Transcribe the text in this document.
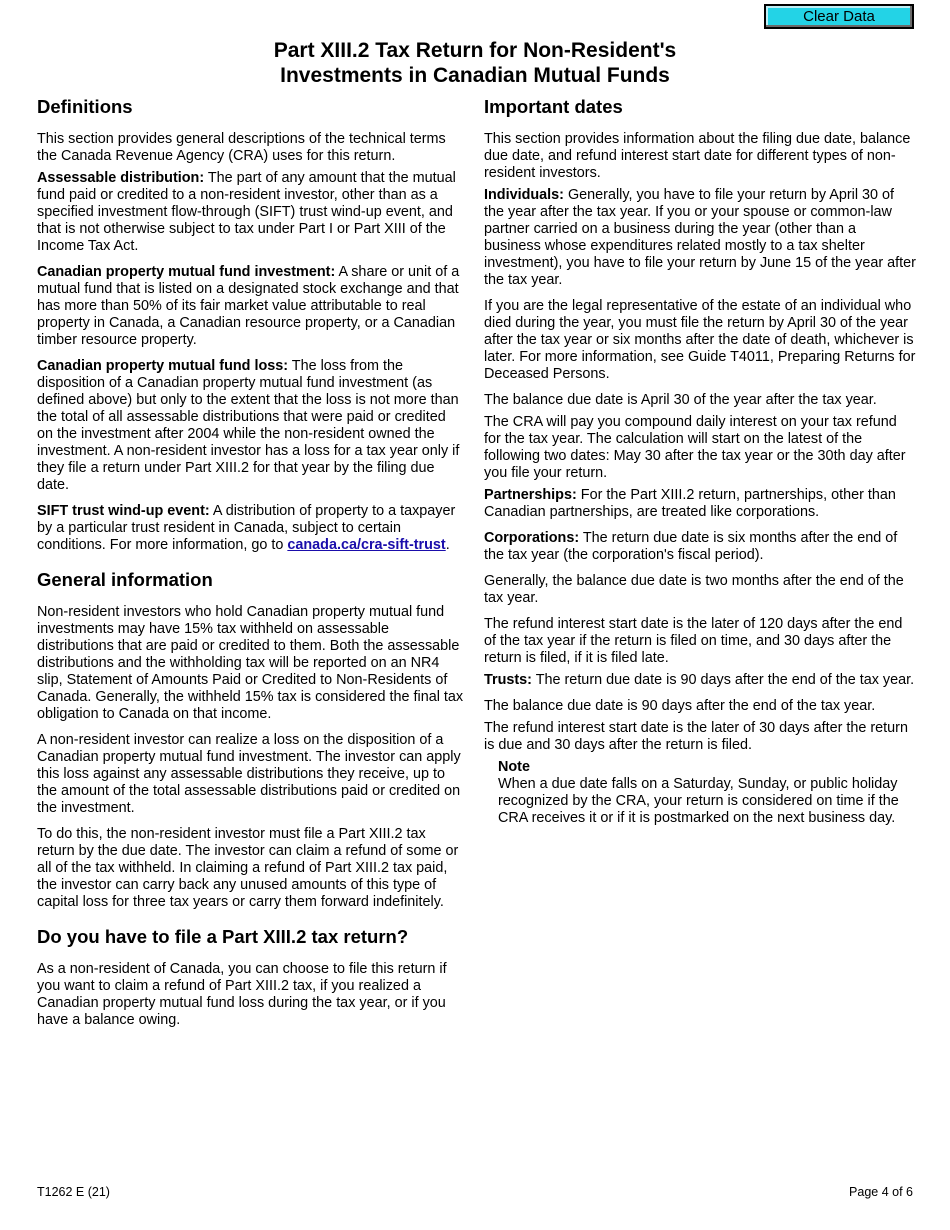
Clear Data
Part XIII.2 Tax Return for Non-Resident's
Investments in Canadian Mutual Funds
Definitions

This section provides general descriptions of the technical terms the Canada Revenue Agency (CRA) uses for this return.

Assessable distribution: The part of any amount that the mutual fund paid or credited to a non-resident investor, other than as a specified investment flow-through (SIFT) trust wind-up event, and that is not otherwise subject to tax under Part I or Part XIII of the Income Tax Act.

Canadian property mutual fund investment: A share or unit of a mutual fund that is listed on a designated stock exchange and that has more than 50% of its fair market value attributable to real property in Canada, a Canadian resource property, or a Canadian timber resource property.

Canadian property mutual fund loss: The loss from the disposition of a Canadian property mutual fund investment (as defined above) but only to the extent that the loss is not more than the total of all assessable distributions that were paid or credited on the investment after 2004 while the non-resident owned the investment. A non-resident investor has a loss for a tax year only if they file a return under Part XIII.2 for that year by the filing due date.

SIFT trust wind-up event: A distribution of property to a taxpayer by a particular trust resident in Canada, subject to certain conditions. For more information, go to canada.ca/cra-sift-trust.

General information

Non-resident investors who hold Canadian property mutual fund investments may have 15% tax withheld on assessable distributions that are paid or credited to them. Both the assessable distributions and the withholding tax will be reported on an NR4 slip, Statement of Amounts Paid or Credited to Non-Residents of Canada. Generally, the withheld 15% tax is considered the final tax obligation to Canada on that income.

A non-resident investor can realize a loss on the disposition of a Canadian property mutual fund investment. The investor can apply this loss against any assessable distributions they receive, up to the amount of the total assessable distributions paid or credited on the investment.

To do this, the non-resident investor must file a Part XIII.2 tax return by the due date. The investor can claim a refund of some or all of the tax withheld. In claiming a refund of Part XIII.2 tax paid, the investor can carry back any unused amounts of this type of capital loss for three tax years or carry them forward indefinitely.

Do you have to file a Part XIII.2 tax return?

As a non-resident of Canada, you can choose to file this return if you want to claim a refund of Part XIII.2 tax, if you realized a Canadian property mutual fund loss during the tax year, or if you have a balance owing.

Important dates

This section provides information about the filing due date, balance due date, and refund interest start date for different types of non-resident investors.

Individuals: Generally, you have to file your return by April 30 of the year after the tax year. If you or your spouse or common-law partner carried on a business during the year (other than a business whose expenditures related mostly to a tax shelter investment), you have to file your return by June 15 of the year after the tax year.

If you are the legal representative of the estate of an individual who died during the year, you must file the return by April 30 of the year after the tax year or six months after the date of death, whichever is later. For more information, see Guide T4011, Preparing Returns for Deceased Persons.

The balance due date is April 30 of the year after the tax year.

The CRA will pay you compound daily interest on your tax refund for the tax year. The calculation will start on the latest of the following two dates: May 30 after the tax year or the 30th day after you file your return.

Partnerships: For the Part XIII.2 return, partnerships, other than Canadian partnerships, are treated like corporations.

Corporations: The return due date is six months after the end of the tax year (the corporation's fiscal period).

Generally, the balance due date is two months after the end of the tax year.

The refund interest start date is the later of 120 days after the end of the tax year if the return is filed on time, and 30 days after the return is filed, if it is filed late.

Trusts: The return due date is 90 days after the end of the tax year.

The balance due date is 90 days after the end of the tax year.

The refund interest start date is the later of 30 days after the return is due and 30 days after the return is filed.

Note

When a due date falls on a Saturday, Sunday, or public holiday recognized by the CRA, your return is considered on time if the CRA receives it or if it is postmarked on the next business day.

T1262 E (21)	Page 4 of 6
